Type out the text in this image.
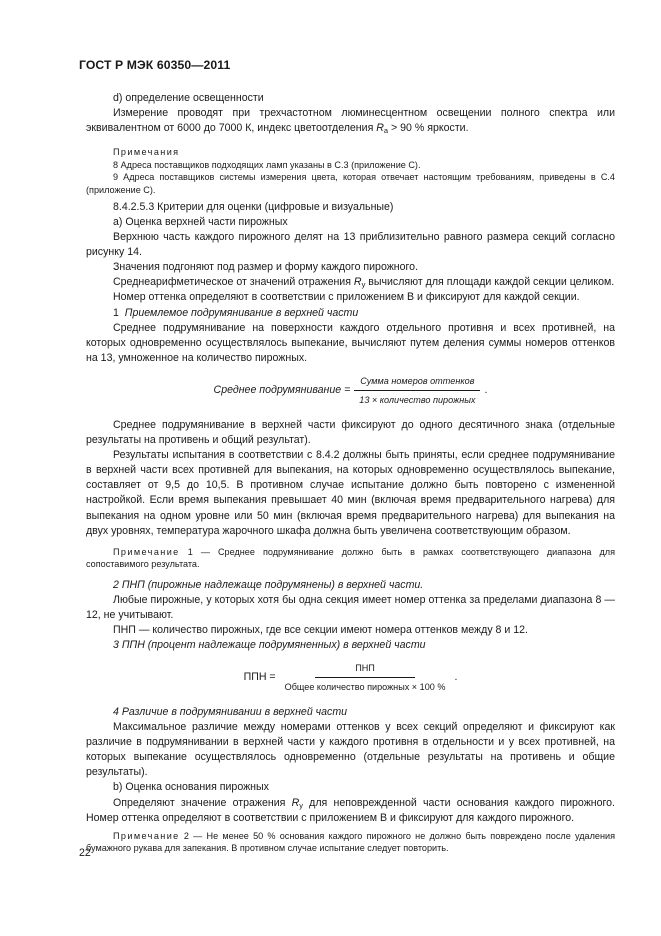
ГОСТ Р МЭК 60350—2011

d) определение освещенности

Измерение проводят при трехчастотном люминесцентном освещении полного спектра или эквивалентном от 6000 до 7000 К, индекс цветоотделения $R_a > 90$ % яркости.

Примечания

8 Адреса поставщиков подходящих ламп указаны в С.3 (приложение С).

9 Адреса поставщиков системы измерения цвета, которая отвечает настоящим требованиям, приведены в С.4 (приложение С).

8.4.2.5.3 Критерии для оценки (цифровые и визуальные)

а) Оценка верхней части пирожных

Верхнюю часть каждого пирожного делят на 13 приблизительно равного размера секций согласно рисунку 14.

Значения подгоняют под размер и форму каждого пирожного.

Среднеарифметическое от значений отражения $R_y$ вычисляют для площади каждой секции целиком.

Номер оттенка определяют в соответствии с приложением В и фиксируют для каждой секции.

1 Приемлемое подрумянивание в верхней части

Среднее подрумянивание на поверхности каждого отдельного противня и всех противней, на которых одновременно осуществлялось выпекание, вычисляют путем деления суммы номеров оттенков на 13, умноженное на количество пирожных.

Среднее подрумянивание = $\frac{\text{Сумма номеров оттенков}}{\text{13 × количество пирожных}}$ .

Среднее подрумянивание в верхней части фиксируют до одного десятичного знака (отдельные результаты на противень и общий результат).

Результаты испытания в соответствии с 8.4.2 должны быть приняты, если среднее подрумянивание в верхней части всех противней для выпекания, на которых одновременно осуществлялось выпекание, составляет от 9,5 до 10,5. В противном случае испытание должно быть повторено с измененной настройкой. Если время выпекания превышает 40 мин (включая время предварительного нагрева) для выпекания на одном уровне или 50 мин (включая время предварительного нагрева) для выпекания на двух уровнях, температура жарочного шкафа должна быть увеличена соответствующим образом.

Примечание 1 — Среднее подрумянивание должно быть в рамках соответствующего диапазона для сопоставимого результата.

2 ПНП (пирожные надлежаще подрумянены) в верхней части.

Любые пирожные, у которых хотя бы одна секция имеет номер оттенка за пределами диапазона 8 — 12, не учитывают.

ПНП — количество пирожных, где все секции имеют номера оттенков между 8 и 12.

3 ППН (процент надлежаще подрумяненных) в верхней части

ППН = $\frac{\text{ПНП}}{\text{Общее количество пирожных × 100 \%}}$ .

4 Различие в подрумянивании в верхней части

Максимальное различие между номерами оттенков у всех секций определяют и фиксируют как различие в подрумянивании в верхней части у каждого противня в отдельности и у всех противней, на которых выпекание осуществлялось одновременно (отдельные результаты на противень и общие результаты).

b) Оценка основания пирожных

Определяют значение отражения $R_y$ для неповрежденной части основания каждого пирожного. Номер оттенка определяют в соответствии с приложением В и фиксируют для каждого пирожного.

Примечание 2 — Не менее 50 % основания каждого пирожного не должно быть повреждено после удаления бумажного рукава для запекания. В противном случае испытание следует повторить.

22
